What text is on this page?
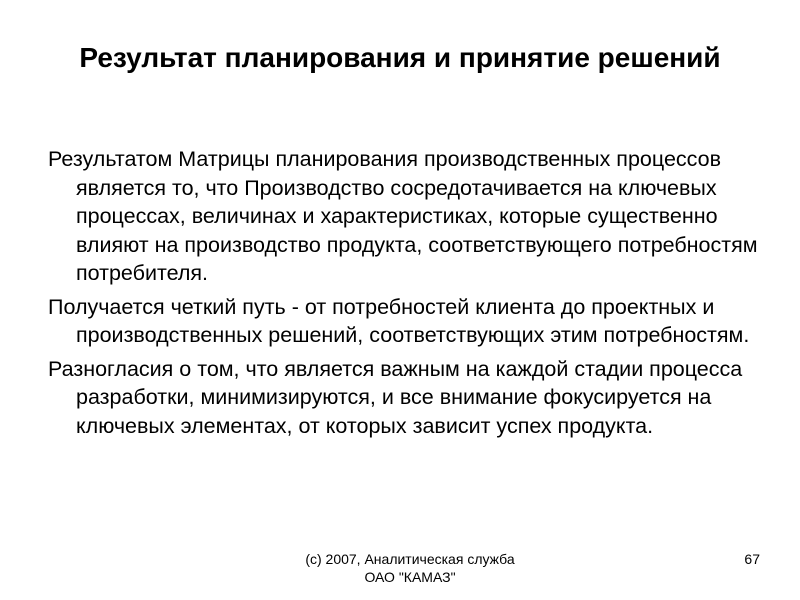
Результат планирования и принятие решений

Результатом Матрицы планирования производственных процессов является то, что Производство сосредотачивается на ключевых процессах, величинах и характеристиках, которые существенно влияют на производство продукта, соответствующего потребностям потребителя.

Получается четкий путь - от потребностей клиента до проектных и производственных решений, соответствующих этим потребностям.

Разногласия о том, что является важным на каждой стадии процесса разработки, минимизируются, и все внимание фокусируется на ключевых элементах, от которых зависит успех продукта.

(c) 2007, Аналитическая служба
ОАО "КАМАЗ"
67
